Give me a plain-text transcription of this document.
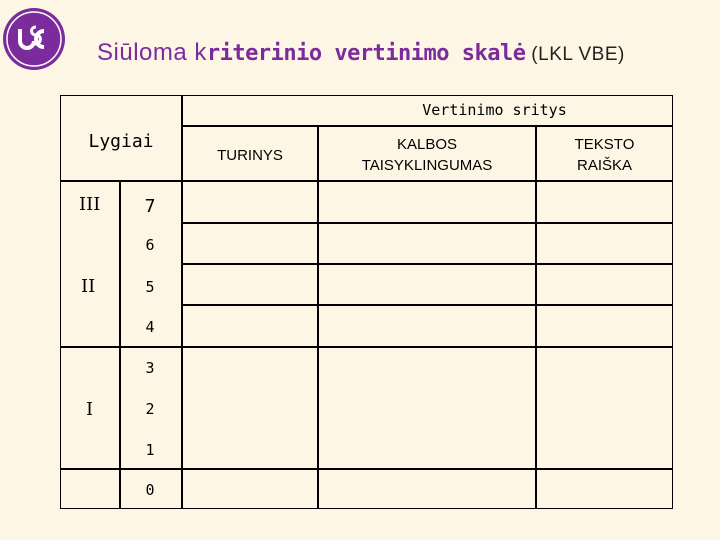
Siūloma kriterinio vertinimo skalė (LKL VBE)
Vertinimo sritys
Lygiai
TURINYS
KALBOS
TAISYKLINGUMAS
TEKSTO
RAIŠKA
III
II
I
7
6
5
4
3
2
1
0
